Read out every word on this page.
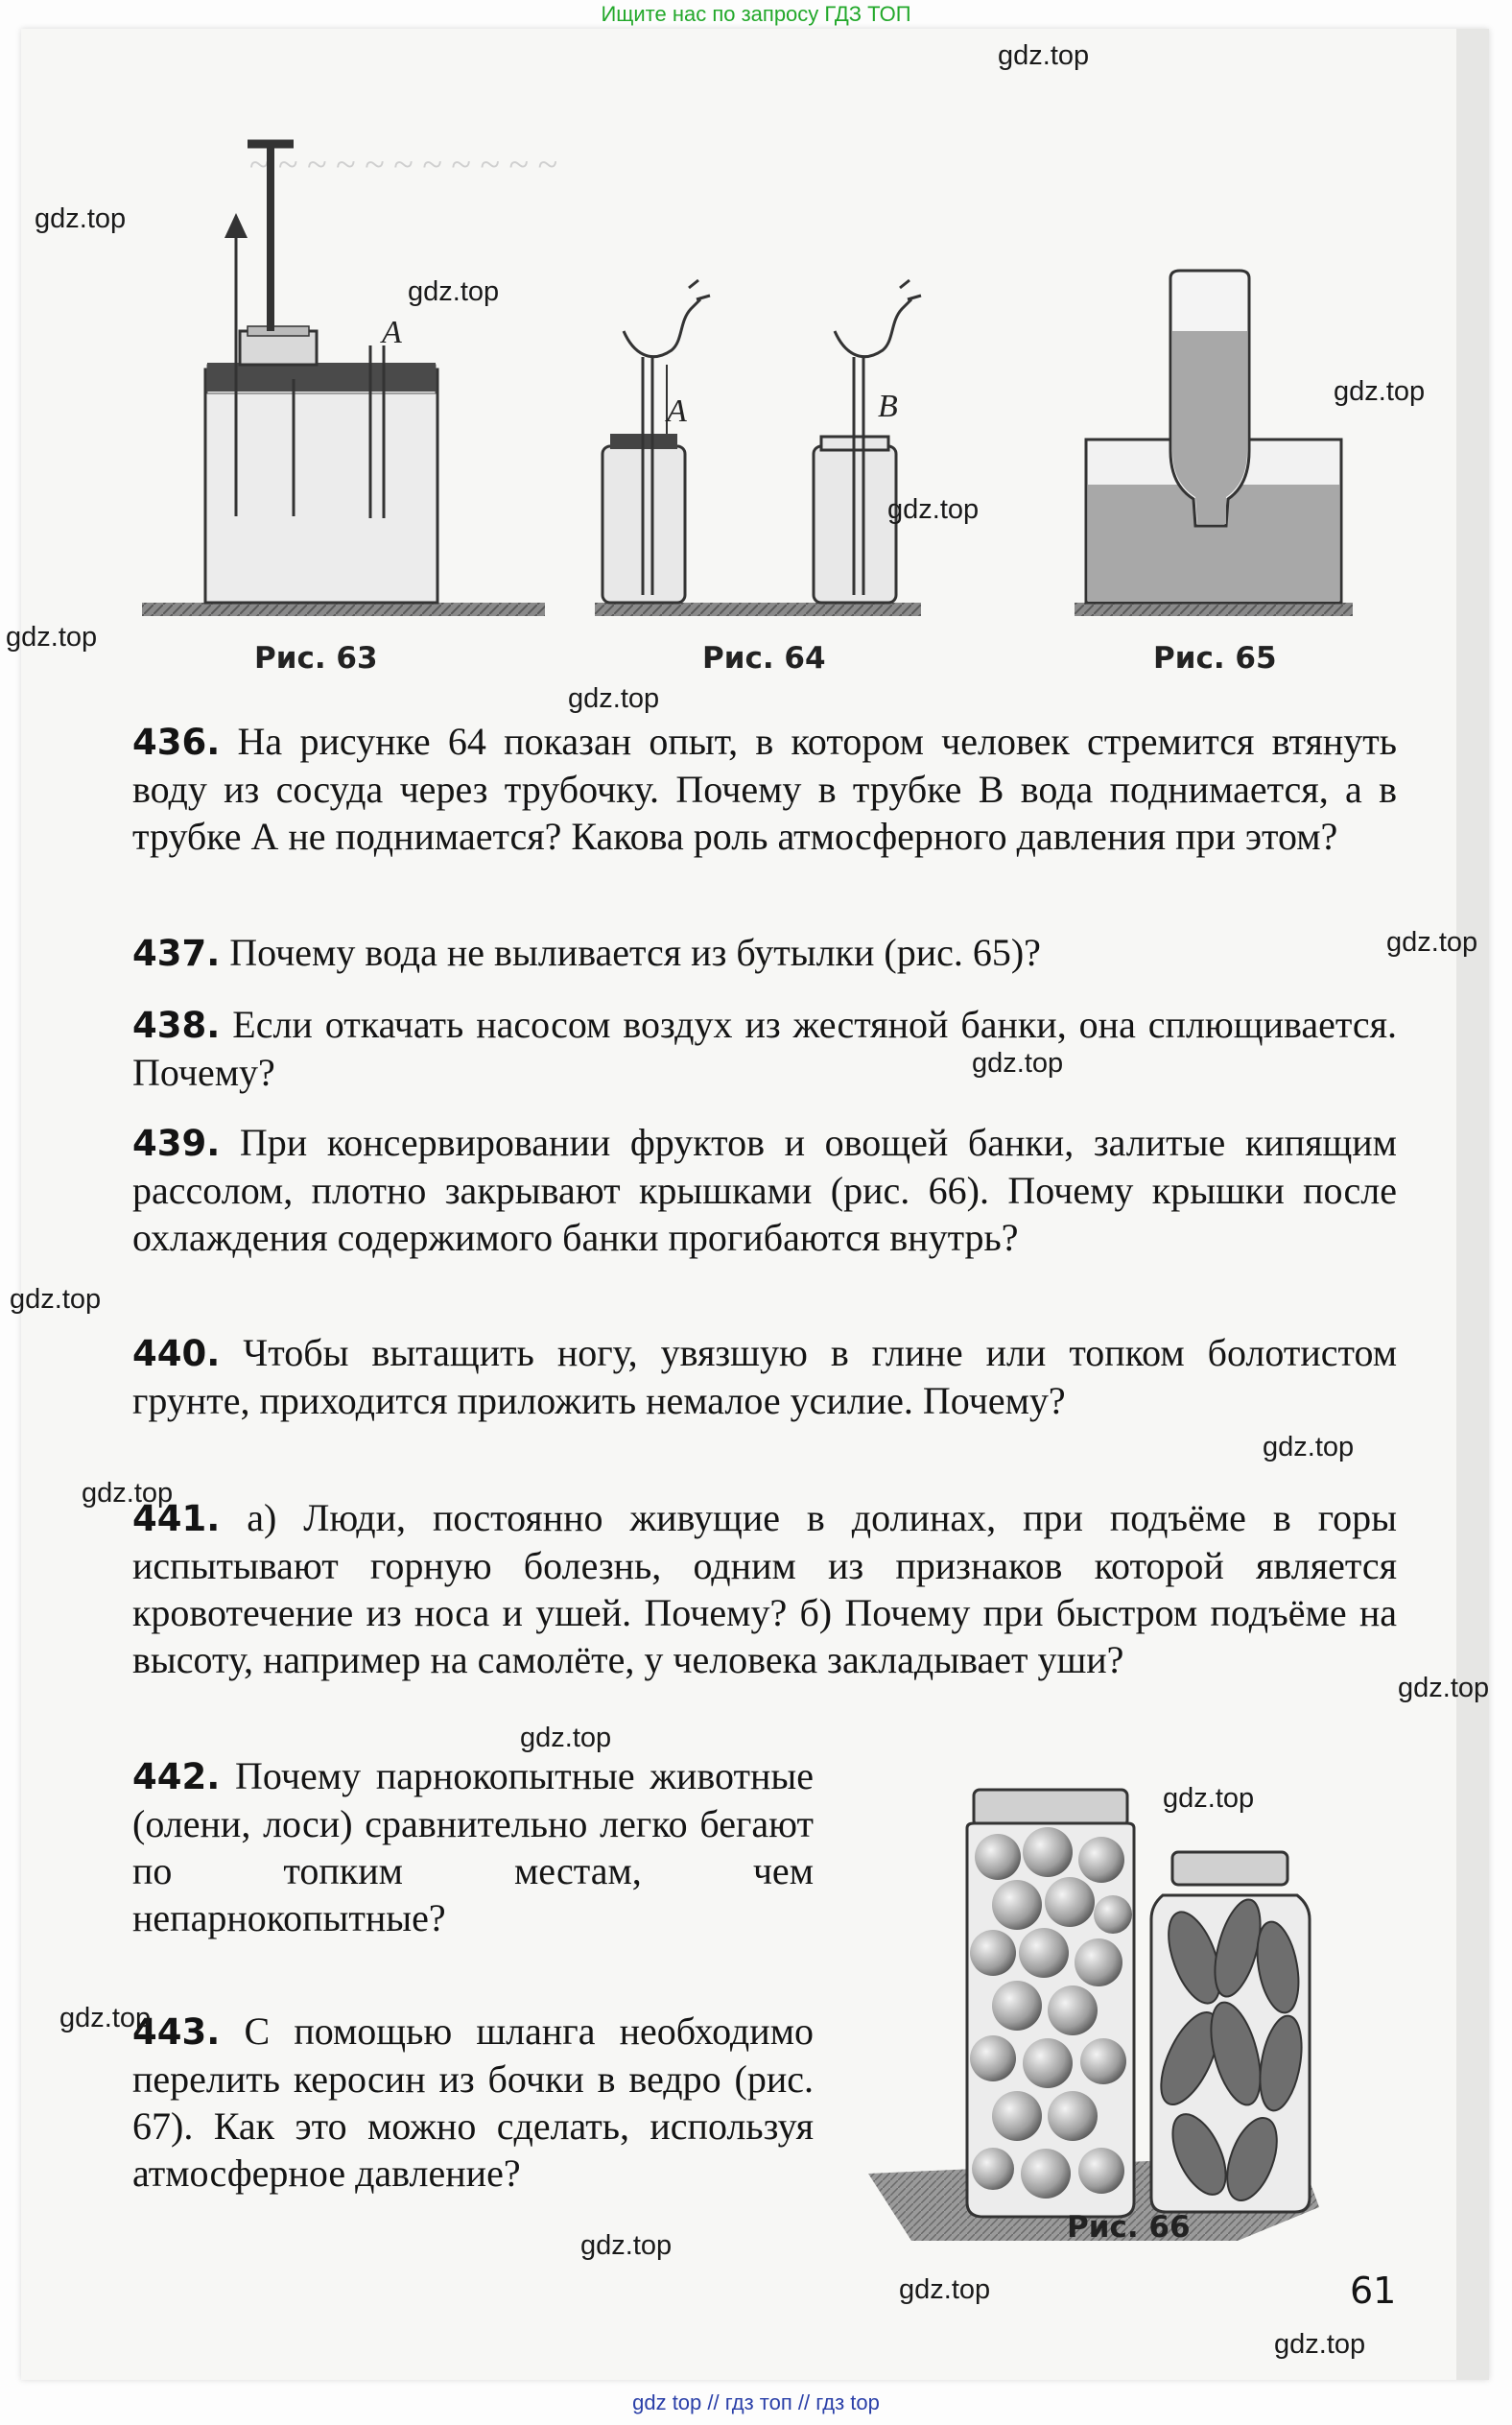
Ищите нас по запросу ГДЗ ТОП
~ ~ ~ ~ ~ ~ ~ ~ ~ ~ ~
A
A	B
Рис. 63	Рис. 64	Рис. 65
Рис. 66
436. На рисунке 64 показан опыт, в котором человек стремится втянуть воду из сосуда через трубочку. Почему в трубке В вода поднимается, а в трубке А не поднимается? Какова роль атмосферного давления при этом?
437. Почему вода не выливается из бутылки (рис. 65)?
438. Если откачать насосом воздух из жестяной банки, она сплющивается. Почему?
439. При консервировании фруктов и овощей банки, залитые кипящим рассолом, плотно закрывают крышками (рис. 66). Почему крышки после охлаждения содержимого банки прогибаются внутрь?
440. Чтобы вытащить ногу, увязшую в глине или топком болотистом грунте, приходится приложить немалое усилие. Почему?
441. а) Люди, постоянно живущие в долинах, при подъёме в горы испытывают горную болезнь, одним из признаков которой является кровотечение из носа и ушей. Почему? б) Почему при быстром подъёме на высоту, например на самолёте, у человека закладывает уши?
442. Почему парнокопытные животные (олени, лоси) сравнительно легко бегают по топким местам, чем непарнокопытные?
443. С помощью шланга необходимо перелить керосин из бочки в ведро (рис. 67). Как это можно сделать, используя атмосферное давление?
61
gdz.top
gdz.top
gdz.top
gdz.top
gdz.top
gdz.top
gdz.top
gdz.top
gdz.top
gdz.top
gdz.top
gdz.top
gdz.top
gdz.top
gdz.top
gdz.top
gdz.top
gdz.top
gdz.top
gdz top // гдз топ // гдз top
